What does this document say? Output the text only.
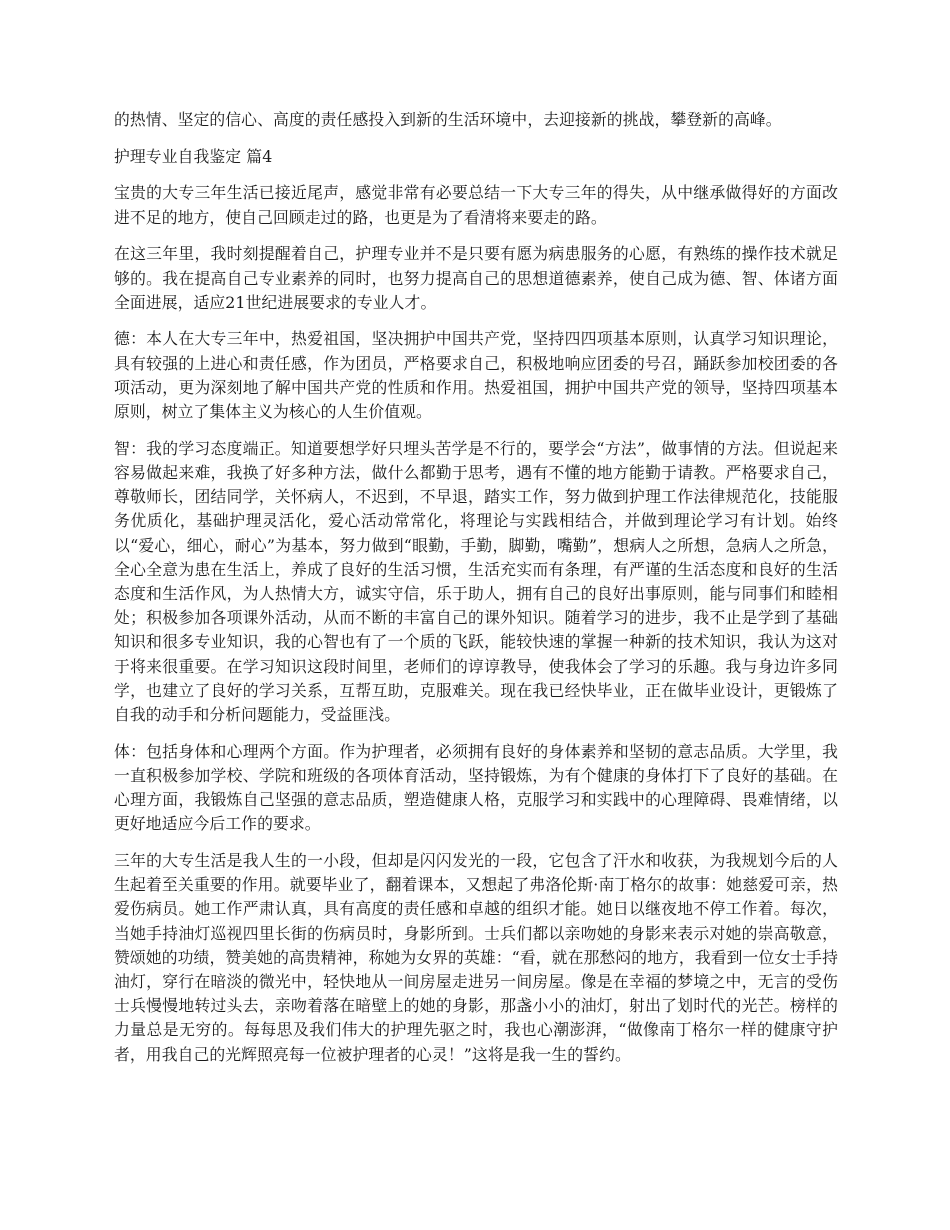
的热情、坚定的信心、高度的责任感投入到新的生活环境中，去迎接新的挑战，攀登新的高峰。

护理专业自我鉴定 篇4

宝贵的大专三年生活已接近尾声，感觉非常有必要总结一下大专三年的得失，从中继承做得好的方面改进不足的地方，使自己回顾走过的路，也更是为了看清将来要走的路。

在这三年里，我时刻提醒着自己，护理专业并不是只要有愿为病患服务的心愿，有熟练的操作技术就足够的。我在提高自己专业素养的同时，也努力提高自己的思想道德素养，使自己成为德、智、体诸方面全面进展，适应21世纪进展要求的专业人才。

德：本人在大专三年中，热爱祖国，坚决拥护中国共产党，坚持四四项基本原则，认真学习知识理论，具有较强的上进心和责任感，作为团员，严格要求自己，积极地响应团委的号召，踊跃参加校团委的各项活动，更为深刻地了解中国共产党的性质和作用。热爱祖国，拥护中国共产党的领导，坚持四项基本原则，树立了集体主义为核心的人生价值观。

智：我的学习态度端正。知道要想学好只埋头苦学是不行的，要学会“方法”，做事情的方法。但说起来容易做起来难，我换了好多种方法，做什么都勤于思考，遇有不懂的地方能勤于请教。严格要求自己，尊敬师长，团结同学，关怀病人，不迟到，不早退，踏实工作，努力做到护理工作法律规范化，技能服务优质化，基础护理灵活化，爱心活动常常化，将理论与实践相结合，并做到理论学习有计划。始终以“爱心，细心，耐心”为基本，努力做到“眼勤，手勤，脚勤，嘴勤”，想病人之所想，急病人之所急，全心全意为患在生活上，养成了良好的生活习惯，生活充实而有条理，有严谨的生活态度和良好的生活态度和生活作风，为人热情大方，诚实守信，乐于助人，拥有自己的良好出事原则，能与同事们和睦相处；积极参加各项课外活动，从而不断的丰富自己的课外知识。随着学习的进步，我不止是学到了基础知识和很多专业知识，我的心智也有了一个质的飞跃，能较快速的掌握一种新的技术知识，我认为这对于将来很重要。在学习知识这段时间里，老师们的谆谆教导，使我体会了学习的乐趣。我与身边许多同学，也建立了良好的学习关系，互帮互助，克服难关。现在我已经快毕业，正在做毕业设计，更锻炼了自我的动手和分析问题能力，受益匪浅。

体：包括身体和心理两个方面。作为护理者，必须拥有良好的身体素养和坚韧的意志品质。大学里，我一直积极参加学校、学院和班级的各项体育活动，坚持锻炼，为有个健康的身体打下了良好的基础。在心理方面，我锻炼自己坚强的意志品质，塑造健康人格，克服学习和实践中的心理障碍、畏难情绪，以更好地适应今后工作的要求。

三年的大专生活是我人生的一小段，但却是闪闪发光的一段，它包含了汗水和收获，为我规划今后的人生起着至关重要的作用。就要毕业了，翻着课本，又想起了弗洛伦斯·南丁格尔的故事：她慈爱可亲，热爱伤病员。她工作严肃认真，具有高度的责任感和卓越的组织才能。她日以继夜地不停工作着。每次，当她手持油灯巡视四里长街的伤病员时，身影所到。士兵们都以亲吻她的身影来表示对她的崇高敬意，赞颂她的功绩，赞美她的高贵精神，称她为女界的英雄：“看，就在那愁闷的地方，我看到一位女士手持油灯，穿行在暗淡的微光中，轻快地从一间房屋走进另一间房屋。像是在幸福的梦境之中，无言的受伤士兵慢慢地转过头去，亲吻着落在暗壁上的她的身影，那盏小小的油灯，射出了划时代的光芒。榜样的力量总是无穷的。每每思及我们伟大的护理先驱之时，我也心潮澎湃，“做像南丁格尔一样的健康守护者，用我自己的光辉照亮每一位被护理者的心灵！”这将是我一生的誓约。
